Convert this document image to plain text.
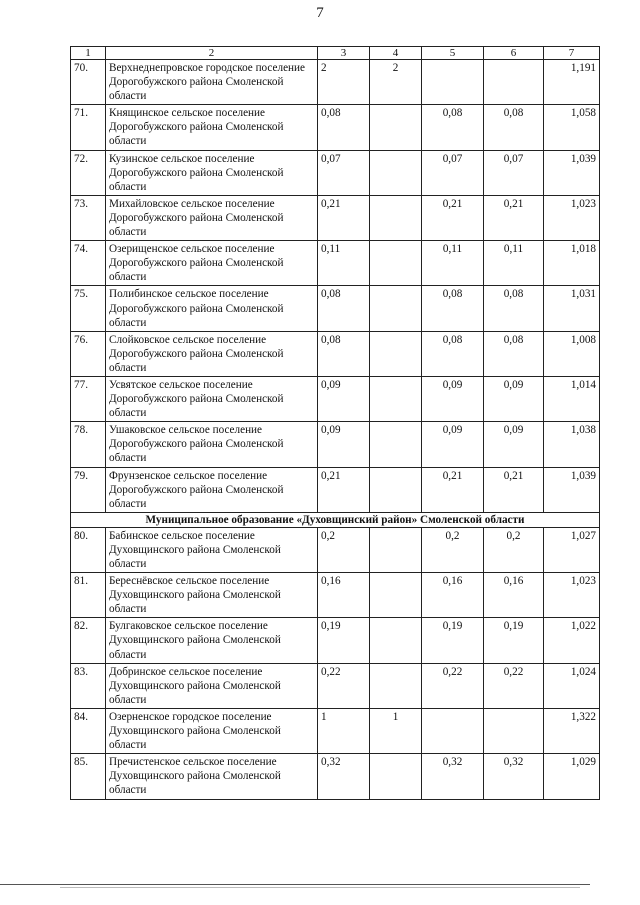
7
1	2	3	4	5	6	7
70.	Верхнеднепровское городское поселение Дорогобужского района Смоленской области	2	2			1,191
71.	Княщинское сельское поселение Дорогобужского района Смоленской области	0,08		0,08	0,08	1,058
72.	Кузинское сельское поселение Дорогобужского района Смоленской области	0,07		0,07	0,07	1,039
73.	Михайловское сельское поселение Дорогобужского района Смоленской области	0,21		0,21	0,21	1,023
74.	Озерищенское сельское поселение Дорогобужского района Смоленской области	0,11		0,11	0,11	1,018
75.	Полибинское сельское поселение Дорогобужского района Смоленской области	0,08		0,08	0,08	1,031
76.	Слойковское сельское поселение Дорогобужского района Смоленской области	0,08		0,08	0,08	1,008
77.	Усвятское сельское поселение Дорогобужского района Смоленской области	0,09		0,09	0,09	1,014
78.	Ушаковское сельское поселение Дорогобужского района Смоленской области	0,09		0,09	0,09	1,038
79.	Фрунзенское сельское поселение Дорогобужского района Смоленской области	0,21		0,21	0,21	1,039
Муниципальное образование «Духовщинский район» Смоленской области						
80.	Бабинское сельское поселение Духовщинского района Смоленской области	0,2		0,2	0,2	1,027
81.	Береснёвское сельское поселение Духовщинского района Смоленской области	0,16		0,16	0,16	1,023
82.	Булгаковское сельское поселение Духовщинского района Смоленской области	0,19		0,19	0,19	1,022
83.	Добринское сельское поселение Духовщинского района Смоленской области	0,22		0,22	0,22	1,024
84.	Озерненское городское поселение Духовщинского района Смоленской области	1	1			1,322
85.	Пречистенское сельское поселение Духовщинского района Смоленской области	0,32		0,32	0,32	1,029
